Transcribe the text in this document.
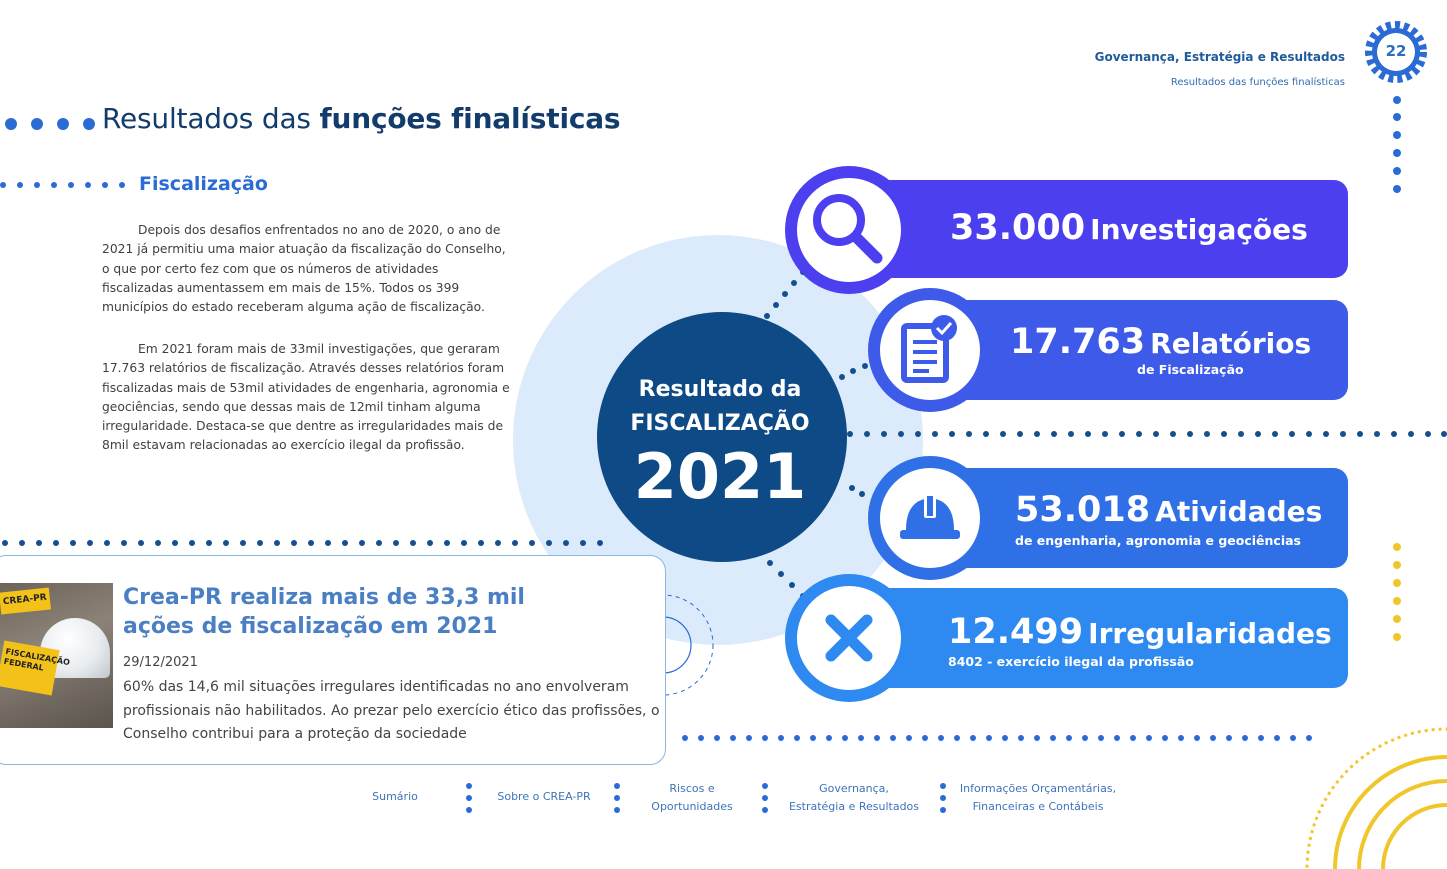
Governança, Estratégia e Resultados
Resultados das funções finalísticas
22
Resultados das funções finalísticas
Fiscalização
Depois dos desafios enfrentados no ano de 2020, o ano de 2021 já permitiu uma maior atuação da fiscalização do Conselho, o que por certo fez com que os números de atividades fiscalizadas aumentassem em mais de 15%. Todos os 399 municípios do estado receberam alguma ação de fiscalização.
Em 2021 foram mais de 33mil investigações, que geraram 17.763 relatórios de fiscalização. Através desses relatórios foram fiscalizadas mais de 53mil atividades de engenharia, agronomia e geociências, sendo que dessas mais de 12mil tinham alguma irregularidade. Destaca-se que dentre as irregularidades mais de 8mil estavam relacionadas ao exercício ilegal da profissão.
CREA-PR
FISCALIZAÇÃO FEDERAL
Crea-PR realiza mais de 33,3 mil ações de fiscalização em 2021
29/12/2021
60% das 14,6 mil situações irregulares identificadas no ano envolveram profissionais não habilitados. Ao prezar pelo exercício ético das profissões, o Conselho contribui para a proteção da sociedade
Resultado da
FISCALIZAÇÃO
2021
33.000 Investigações
17.763 Relatórios
de Fiscalização
53.018 Atividades
de engenharia, agronomia e geociências
12.499 Irregularidades
8402 - exercício ilegal da profissão
Sumário	Sobre o CREA-PR
Riscos e
Oportunidades
Governança,
Estratégia e Resultados
Informações Orçamentárias,
Financeiras e Contábeis
